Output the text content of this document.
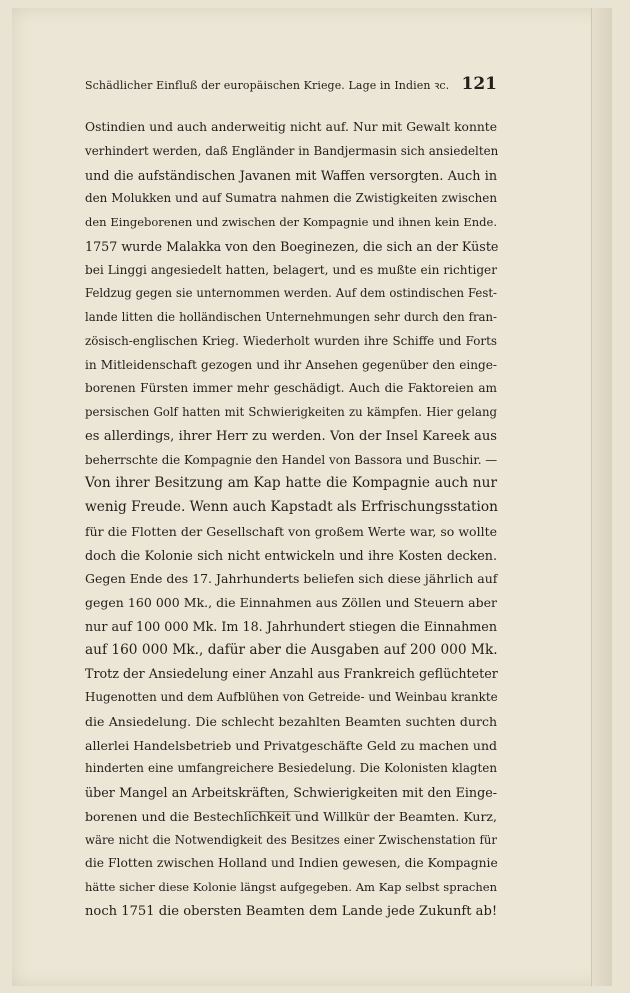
Schädlicher Einfluß der europäischen Kriege. Lage in Indien ꝛc. 121
Ostindien und auch anderweitig nicht auf. Nur mit Gewalt konnte
verhindert werden, daß Engländer in Bandjermasin sich ansiedelten
und die aufständischen Javanen mit Waffen versorgten. Auch in
den Molukken und auf Sumatra nahmen die Zwistigkeiten zwischen
den Eingeborenen und zwischen der Kompagnie und ihnen kein Ende.
1757 wurde Malakka von den Boeginezen, die sich an der Küste
bei Linggi angesiedelt hatten, belagert, und es mußte ein richtiger
Feldzug gegen sie unternommen werden. Auf dem ostindischen Fest-
lande litten die holländischen Unternehmungen sehr durch den fran-
zösisch-englischen Krieg. Wiederholt wurden ihre Schiffe und Forts
in Mitleidenschaft gezogen und ihr Ansehen gegenüber den einge-
borenen Fürsten immer mehr geschädigt. Auch die Faktoreien am
persischen Golf hatten mit Schwierigkeiten zu kämpfen. Hier gelang
es allerdings, ihrer Herr zu werden. Von der Insel Kareek aus
beherrschte die Kompagnie den Handel von Bassora und Buschir. —
Von ihrer Besitzung am Kap hatte die Kompagnie auch nur
wenig Freude. Wenn auch Kapstadt als Erfrischungsstation
für die Flotten der Gesellschaft von großem Werte war, so wollte
doch die Kolonie sich nicht entwickeln und ihre Kosten decken.
Gegen Ende des 17. Jahrhunderts beliefen sich diese jährlich auf
gegen 160 000 Mk., die Einnahmen aus Zöllen und Steuern aber
nur auf 100 000 Mk. Im 18. Jahrhundert stiegen die Einnahmen
auf 160 000 Mk., dafür aber die Ausgaben auf 200 000 Mk.
Trotz der Ansiedelung einer Anzahl aus Frankreich geflüchteter
Hugenotten und dem Aufblühen von Getreide- und Weinbau krankte
die Ansiedelung. Die schlecht bezahlten Beamten suchten durch
allerlei Handelsbetrieb und Privatgeschäfte Geld zu machen und
hinderten eine umfangreichere Besiedelung. Die Kolonisten klagten
über Mangel an Arbeitskräften, Schwierigkeiten mit den Einge-
borenen und die Bestechlichkeit und Willkür der Beamten. Kurz,
wäre nicht die Notwendigkeit des Besitzes einer Zwischenstation für
die Flotten zwischen Holland und Indien gewesen, die Kompagnie
hätte sicher diese Kolonie längst aufgegeben. Am Kap selbst sprachen
noch 1751 die obersten Beamten dem Lande jede Zukunft ab!
